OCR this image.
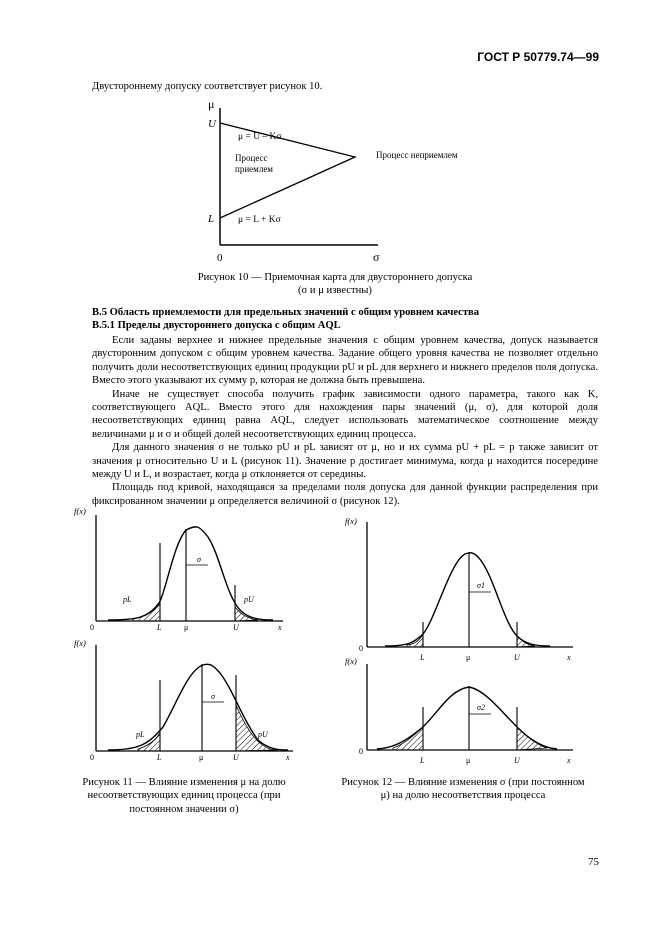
ГОСТ Р 50779.74—99
Двустороннему допуску соответствует рисунок 10.
μ
U
L
0	σ
μ = U – Kσ
Процесс
приемлем
Процесс неприемлем
μ = L + Kσ
Рисунок 10 — Приемочная карта для двустороннего допуска
(σ и μ известны)
В.5 Область приемлемости для предельных значений с общим уровнем качества
В.5.1 Пределы двустороннего допуска с общим AQL
Если заданы верхнее и нижнее предельные значения с общим уровнем качества, допуск называется двусторонним допуском с общим уровнем качества. Задание общего уровня качества не позволяет отдельно получить доли несоответствующих единиц продукции pU и pL для верхнего и нижнего пределов поля допуска. Вместо этого указывают их сумму p, которая не должна быть превышена.
Иначе не существует способа получить график зависимости одного параметра, такого как K, соответствующего AQL. Вместо этого для нахождения пары значений (μ, σ), для которой доля несоответствующих единиц равна AQL, следует использовать математическое соотношение между величинами μ и σ и общей долей несоответствующих единиц процесса.
Для данного значения σ не только pU и pL зависят от μ, но и их сумма pU + pL = p также зависит от значения μ относительно U и L (рисунок 11). Значение p достигает минимума, когда μ находится посередине между U и L, и возрастает, когда μ отклоняется от середины.
Площадь под кривой, находящаяся за пределами поля допуска для данной функции распределения при фиксированном значении μ определяется величиной σ (рисунок 12).
f(x)
0	L	μ	U	x
σ
pL	pU
f(x)
0	L	μ	U	x
σ
pL	pU
f(x)
0
L	μ	U	x
σ1
f(x)
0
L	μ	U	x
σ2
Рисунок 11 — Влияние изменения μ на долю несоответствующих единиц процесса (при постоянном значении σ)
Рисунок 12 — Влияние изменения σ (при постоянном μ) на долю несоответствия процесса
75
